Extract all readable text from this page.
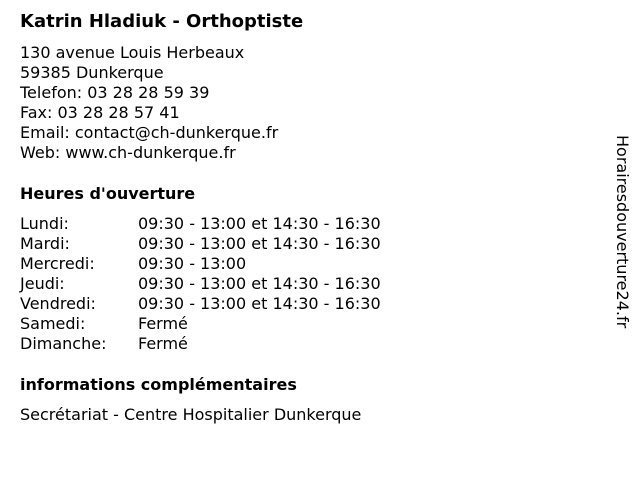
Katrin Hladiuk - Orthoptiste
130 avenue Louis Herbeaux
59385 Dunkerque
Telefon: 03 28 28 59 39
Fax: 03 28 28 57 41
Email: contact@ch-dunkerque.fr
Web: www.ch-dunkerque.fr
Heures d'ouverture
Lundi:	09:30 - 13:00 et 14:30 - 16:30
Mardi:	09:30 - 13:00 et 14:30 - 16:30
Mercredi:	09:30 - 13:00
Jeudi:	09:30 - 13:00 et 14:30 - 16:30
Vendredi:	09:30 - 13:00 et 14:30 - 16:30
Samedi:	Fermé
Dimanche:	Fermé
informations complémentaires
Secrétariat - Centre Hospitalier Dunkerque
Horairesdouverture24.fr
